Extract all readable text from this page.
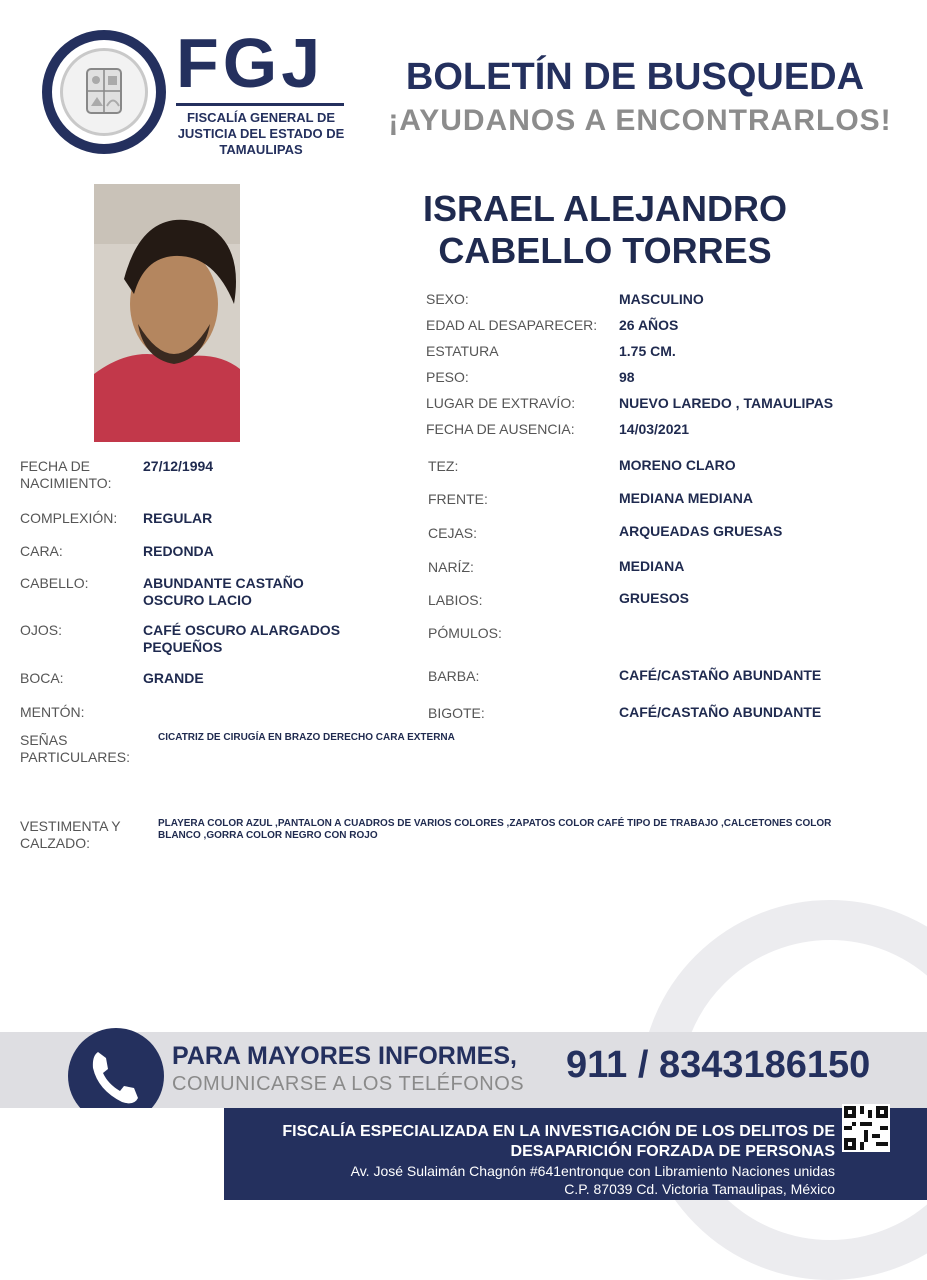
FGJ
FISCALÍA GENERAL DE JUSTICIA DEL ESTADO DE TAMAULIPAS
BOLETÍN DE BUSQUEDA
¡AYUDANOS A ENCONTRARLOS!
ISRAEL ALEJANDRO
CABELLO TORRES
SEXO:	MASCULINO
EDAD AL DESAPARECER: 26 AÑOS
ESTATURA	1.75 CM.
PESO:	98
LUGAR DE EXTRAVÍO:	NUEVO LAREDO , TAMAULIPAS
FECHA DE AUSENCIA:	14/03/2021
FECHA DE NACIMIENTO:
27/12/1994
COMPLEXIÓN: REGULAR
CARA:	REDONDA
CABELLO:	ABUNDANTE CASTAÑO OSCURO LACIO
OJOS:	CAFÉ OSCURO ALARGADOS PEQUEÑOS
BOCA:	GRANDE
MENTÓN:
TEZ:	MORENO CLARO
FRENTE:	MEDIANA MEDIANA
CEJAS:	ARQUEADAS GRUESAS
NARÍZ:	MEDIANA
LABIOS:	GRUESOS
PÓMULOS:
BARBA:	CAFÉ/CASTAÑO ABUNDANTE
BIGOTE:	CAFÉ/CASTAÑO ABUNDANTE
SEÑAS PARTICULARES:
CICATRIZ DE CIRUGÍA EN BRAZO DERECHO CARA EXTERNA
VESTIMENTA Y CALZADO:
PLAYERA COLOR AZUL ,PANTALON A CUADROS DE VARIOS COLORES ,ZAPATOS COLOR CAFÉ TIPO DE TRABAJO ,CALCETONES COLOR BLANCO ,GORRA COLOR NEGRO CON ROJO
PARA MAYORES INFORMES,
COMUNICARSE A LOS TELÉFONOS 911 / 8343186150
FISCALÍA ESPECIALIZADA EN LA INVESTIGACIÓN DE LOS DELITOS DE
DESAPARICIÓN FORZADA DE PERSONAS
Av. José Sulaimán Chagnón #641entronque con Libramiento Naciones unidas
C.P. 87039 Cd. Victoria Tamaulipas, México
